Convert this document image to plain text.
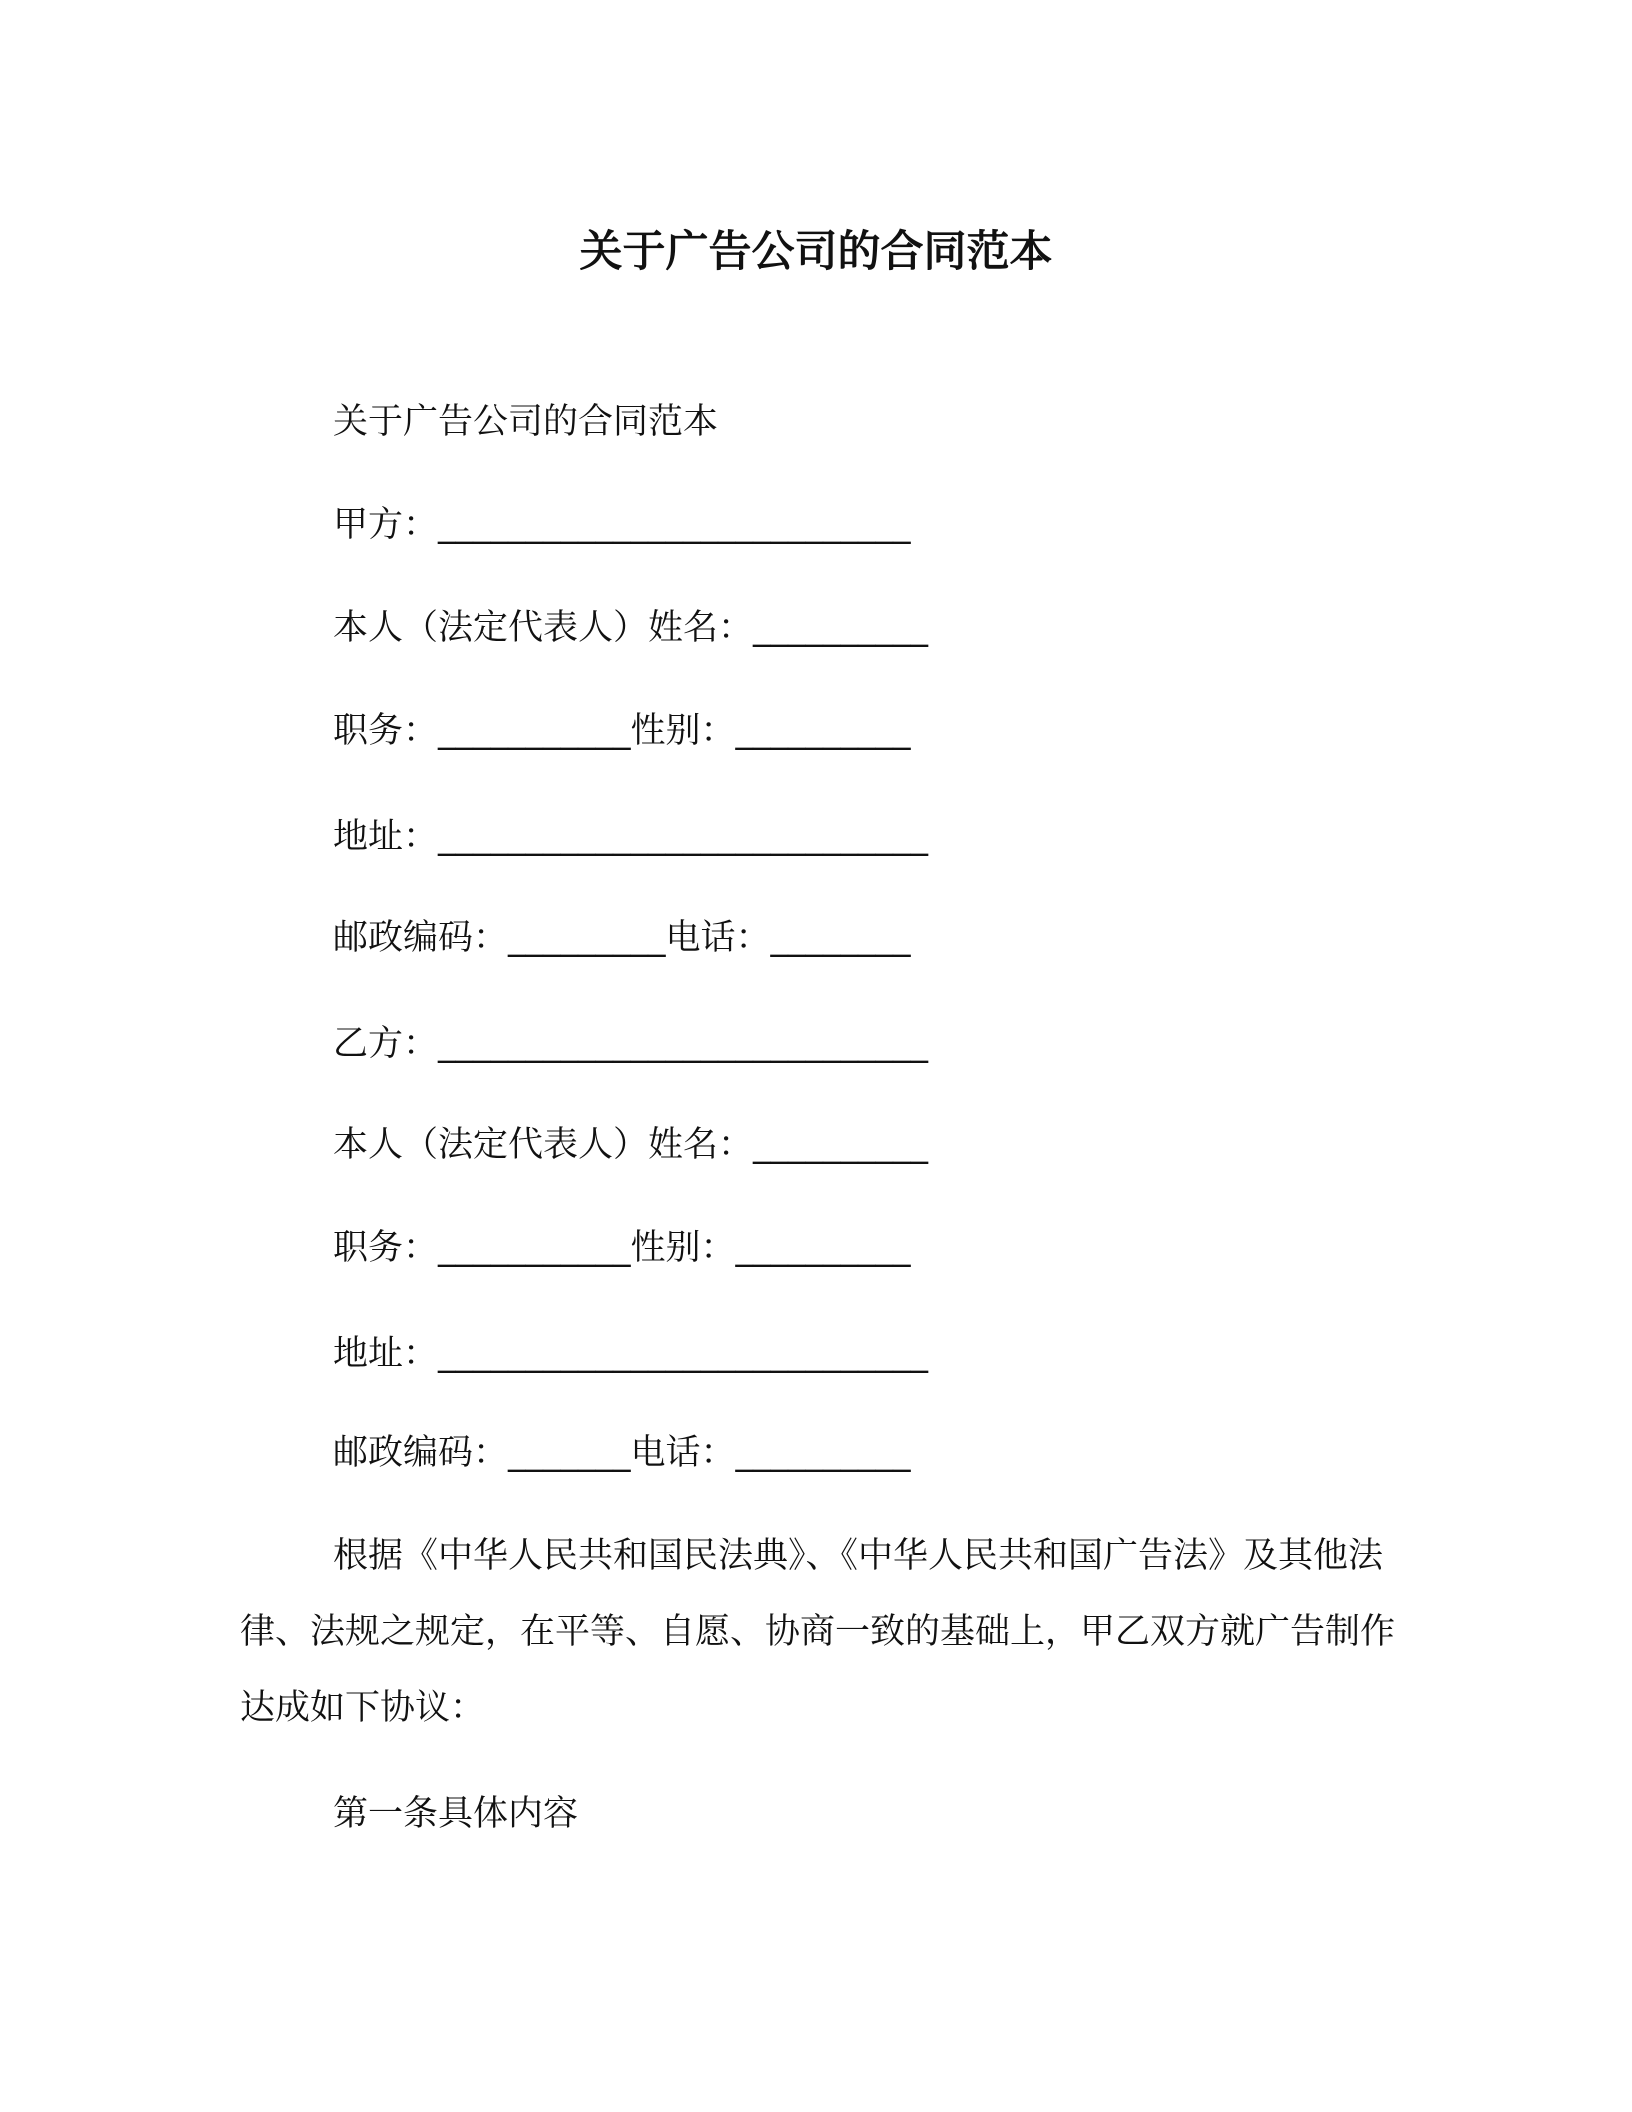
关于广告公司的合同范本
关于广告公司的合同范本
甲方：___________________________
本人（法定代表人）姓名：__________
职务：___________性别：__________
地址：____________________________
邮政编码：_________电话：________
乙方：____________________________
本人（法定代表人）姓名：__________
职务：___________性别：__________
地址：____________________________
邮政编码：_______电话：__________
根据《中华人民共和国民法典》、《中华人民共和国广告法》及其他法律、法规之规定，在平等、自愿、协商一致的基础上，甲乙双方就广告制作达成如下协议：
第一条具体内容
